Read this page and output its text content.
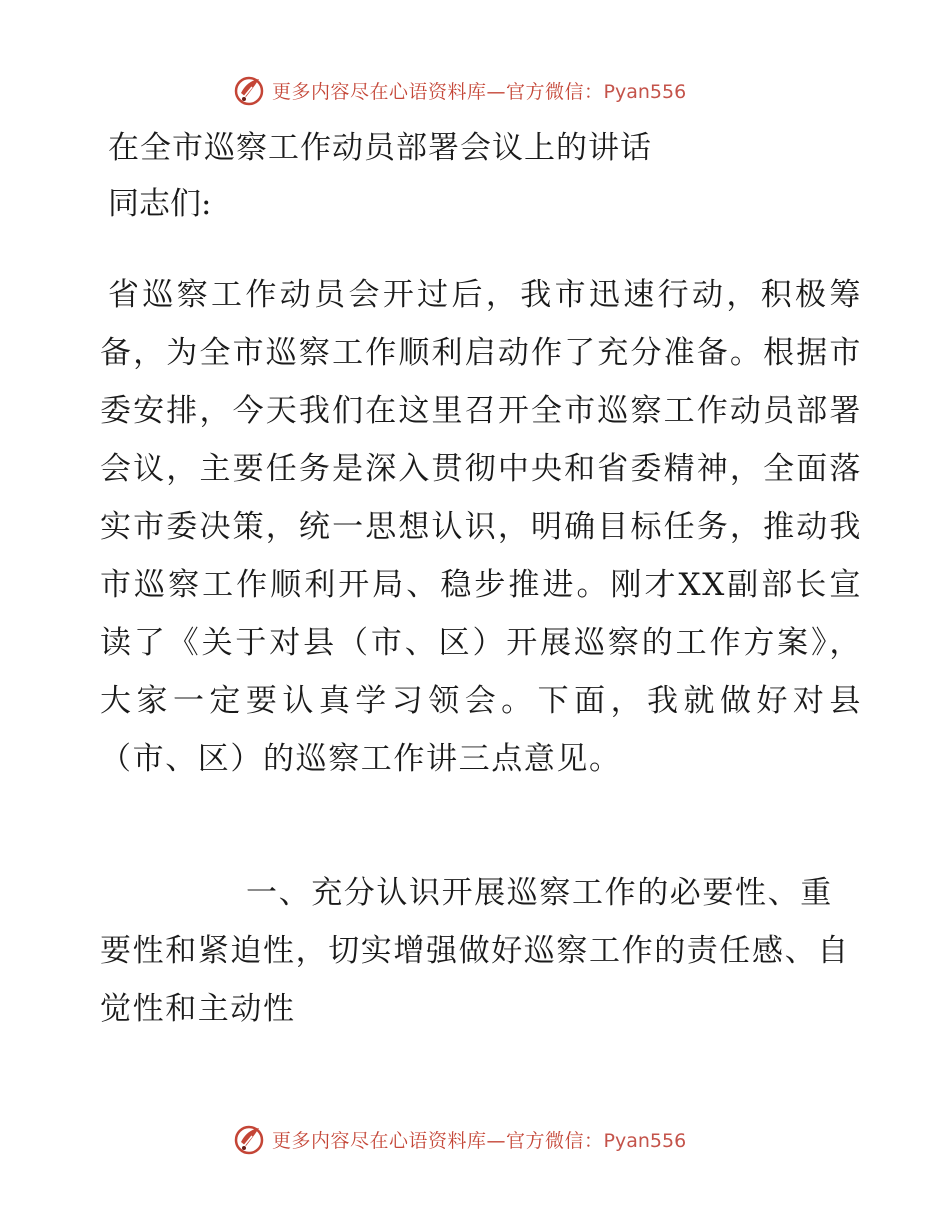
更多内容尽在心语资料库—官方微信：Pyan556
在全市巡察工作动员部署会议上的讲话

同志们:

省巡察工作动员会开过后，我市迅速行动，积极筹备，为全市巡察工作顺利启动作了充分准备。根据市委安排，今天我们在这里召开全市巡察工作动员部署会议，主要任务是深入贯彻中央和省委精神，全面落实市委决策，统一思想认识，明确目标任务，推动我市巡察工作顺利开局、稳步推进。刚才XX副部长宣读了《关于对县（市、区）开展巡察的工作方案》，大家一定要认真学习领会。下面，我就做好对县（市、区）的巡察工作讲三点意见。

一、充分认识开展巡察工作的必要性、重要性和紧迫性，切实增强做好巡察工作的责任感、自觉性和主动性
更多内容尽在心语资料库—官方微信：Pyan556
